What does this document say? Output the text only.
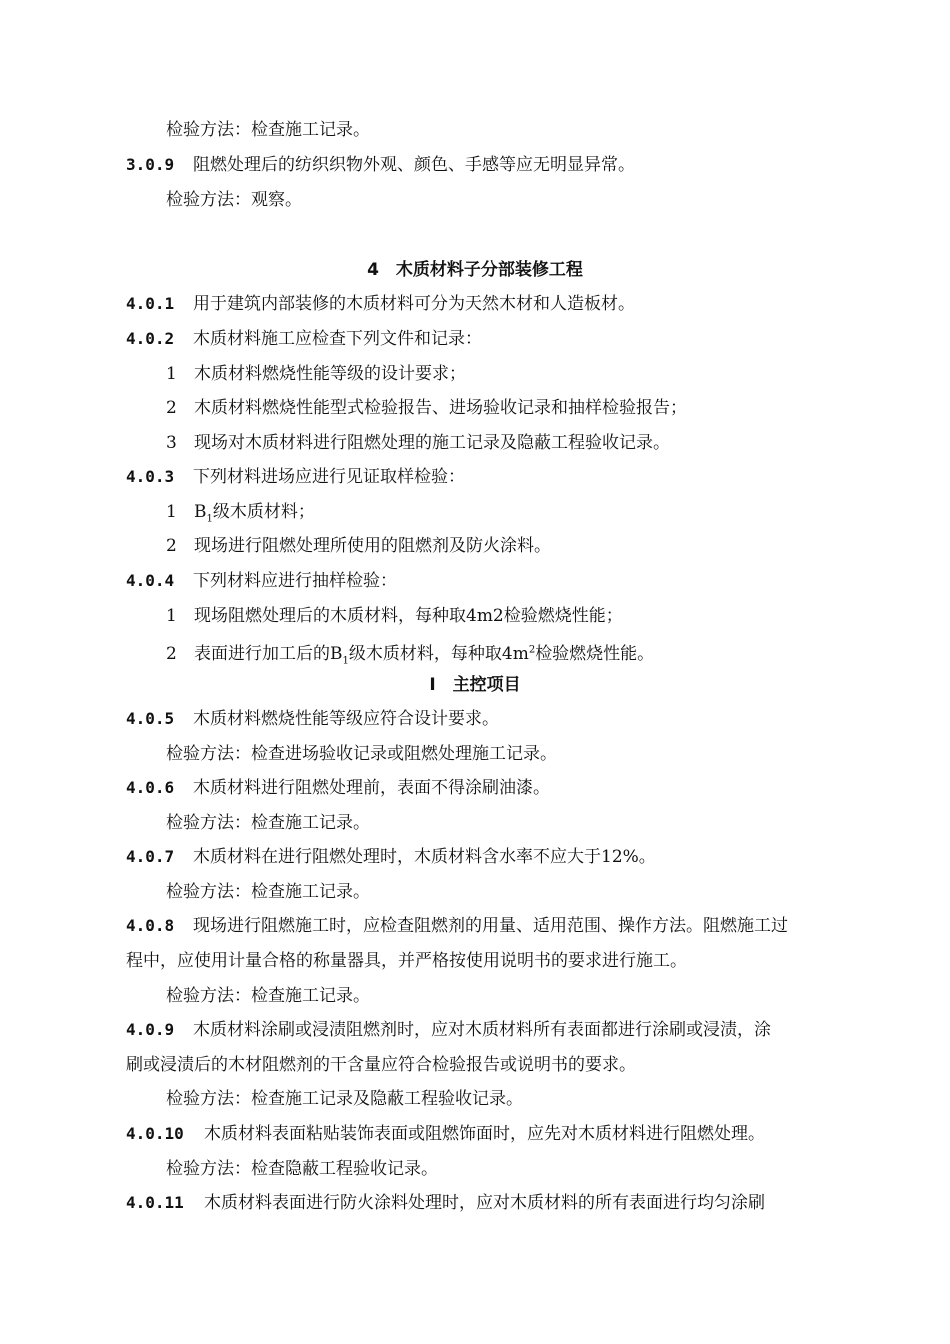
检验方法：检查施工记录。
3.0.9 阻燃处理后的纺织织物外观、颜色、手感等应无明显异常。
检验方法：观察。
4　木质材料子分部装修工程
4.0.1 用于建筑内部装修的木质材料可分为天然木材和人造板材。
4.0.2 木质材料施工应检查下列文件和记录：
1 木质材料燃烧性能等级的设计要求；
2 木质材料燃烧性能型式检验报告、进场验收记录和抽样检验报告；
3 现场对木质材料进行阻燃处理的施工记录及隐蔽工程验收记录。
4.0.3 下列材料进场应进行见证取样检验：
1 $B_1$级木质材料；
2 现场进行阻燃处理所使用的阻燃剂及防火涂料。
4.0.4 下列材料应进行抽样检验：
1 现场阻燃处理后的木质材料，每种取4m2检验燃烧性能；
2 表面进行加工后的$B_1$级木质材料，每种取$4m^2$检验燃烧性能。
Ⅰ　主控项目
4.0.5 木质材料燃烧性能等级应符合设计要求。
检验方法：检查进场验收记录或阻燃处理施工记录。
4.0.6 木质材料进行阻燃处理前，表面不得涂刷油漆。
检验方法：检查施工记录。
4.0.7 木质材料在进行阻燃处理时，木质材料含水率不应大于12%。
检验方法：检查施工记录。
4.0.8 现场进行阻燃施工时，应检查阻燃剂的用量、适用范围、操作方法。阻燃施工过
程中，应使用计量合格的称量器具，并严格按使用说明书的要求进行施工。
检验方法：检查施工记录。
4.0.9 木质材料涂刷或浸渍阻燃剂时，应对木质材料所有表面都进行涂刷或浸渍，涂
刷或浸渍后的木材阻燃剂的干含量应符合检验报告或说明书的要求。
检验方法：检查施工记录及隐蔽工程验收记录。
4.0.10 木质材料表面粘贴装饰表面或阻燃饰面时，应先对木质材料进行阻燃处理。
检验方法：检查隐蔽工程验收记录。
4.0.11 木质材料表面进行防火涂料处理时，应对木质材料的所有表面进行均匀涂刷
